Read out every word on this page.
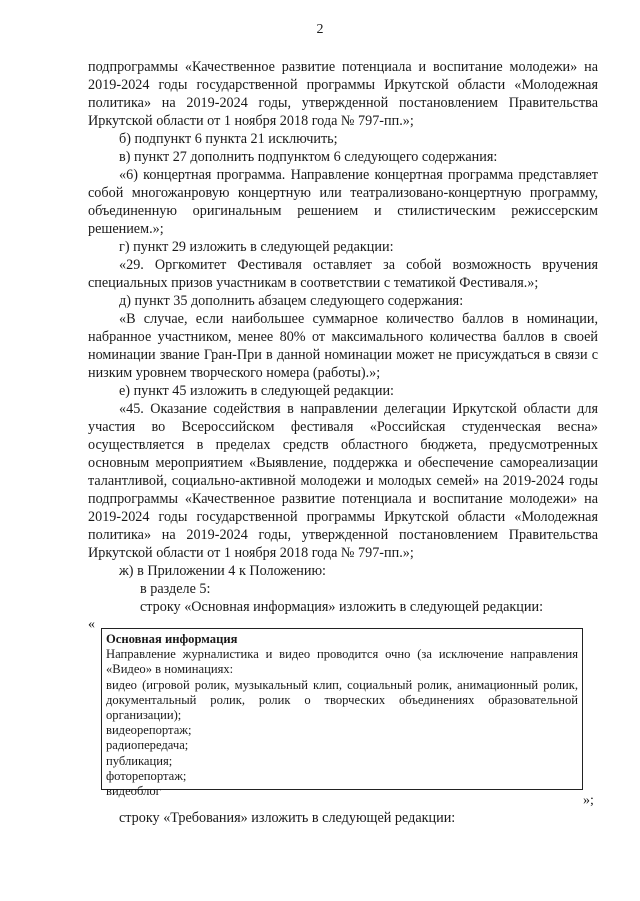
2

подпрограммы «Качественное развитие потенциала и воспитание молодежи» на 2019-2024 годы государственной программы Иркутской области «Молодежная политика» на 2019-2024 годы, утвержденной постановлением Правительства Иркутской области от 1 ноября 2018 года № 797-пп.»;

б) подпункт 6 пункта 21 исключить;

в) пункт 27 дополнить подпунктом 6 следующего содержания:

«6) концертная программа. Направление концертная программа представляет собой многожанровую концертную или театрализовано-концертную программу, объединенную оригинальным решением и стилистическим режиссерским решением.»;

г) пункт 29 изложить в следующей редакции:

«29. Оргкомитет Фестиваля оставляет за собой возможность вручения специальных призов участникам в соответствии с тематикой Фестиваля.»;

д) пункт 35 дополнить абзацем следующего содержания:

«В случае, если наибольшее суммарное количество баллов в номинации, набранное участником, менее 80% от максимального количества баллов в своей номинации звание Гран-При в данной номинации может не присуждаться в связи с низким уровнем творческого номера (работы).»;

е) пункт 45 изложить в следующей редакции:

«45. Оказание содействия в направлении делегации Иркутской области для участия во Всероссийском фестиваля «Российская студенческая весна» осуществляется в пределах средств областного бюджета, предусмотренных основным мероприятием «Выявление, поддержка и обеспечение самореализации талантливой, социально-активной молодежи и молодых семей» на 2019-2024 годы подпрограммы «Качественное развитие потенциала и воспитание молодежи» на 2019-2024 годы государственной программы Иркутской области «Молодежная политика» на 2019-2024 годы, утвержденной постановлением Правительства Иркутской области от 1 ноября 2018 года № 797-пп.»;

ж) в Приложении 4 к Положению:

в разделе 5:

строку «Основная информация» изложить в следующей редакции:

«
Основная информация
Направление журналистика и видео проводится очно (за исключение направления «Видео» в номинациях:
видео (игровой ролик, музыкальный клип, социальный ролик, анимационный ролик, документальный ролик, ролик о творческих объединениях образовательной организации);
видеорепортаж;
радиопередача;
публикация;
фоторепортаж;
видеоблог
»;
строку «Требования» изложить в следующей редакции:
